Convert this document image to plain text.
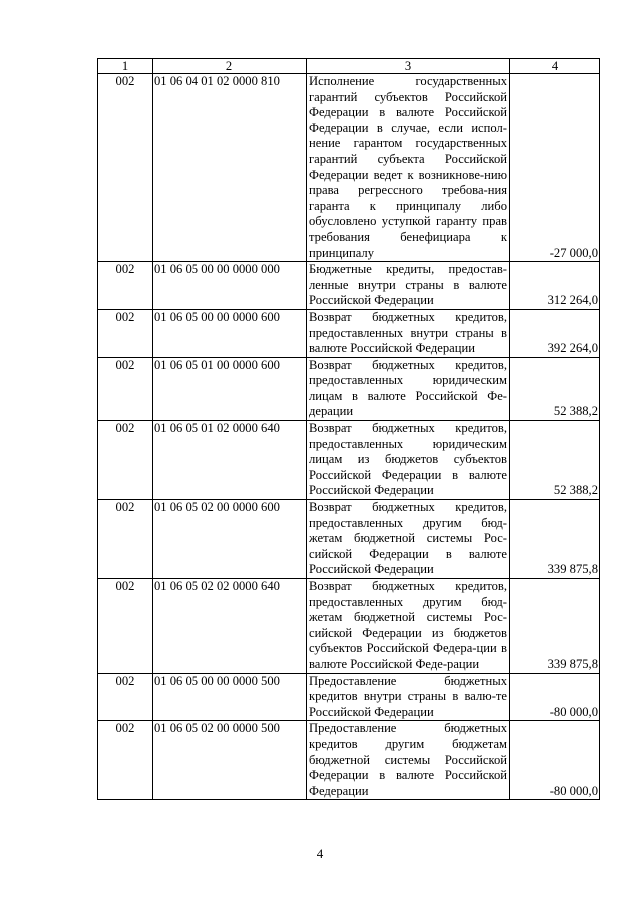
1	2	3	4
002	01 06 04 01 02 0000 810	Исполнение государственных гарантий субъектов Российской Федерации в валюте Российской Федерации в случае, если испол-нение гарантом государственных гарантий субъекта Российской Федерации ведет к возникнове-нию права регрессного требова-ния гаранта к принципалу либо обусловлено уступкой гаранту прав требования бенефициара к принципалу	-27 000,0
002	01 06 05 00 00 0000 000	Бюджетные кредиты, предостав-ленные внутри страны в валюте Российской Федерации	312 264,0
002	01 06 05 00 00 0000 600	Возврат бюджетных кредитов, предоставленных внутри страны в валюте Российской Федерации	392 264,0
002	01 06 05 01 00 0000 600	Возврат бюджетных кредитов, предоставленных юридическим лицам в валюте Российской Фе-дерации	52 388,2
002	01 06 05 01 02 0000 640	Возврат бюджетных кредитов, предоставленных юридическим лицам из бюджетов субъектов Российской Федерации в валюте Российской Федерации	52 388,2
002	01 06 05 02 00 0000 600	Возврат бюджетных кредитов, предоставленных другим бюд-жетам бюджетной системы Рос-сийской Федерации в валюте Российской Федерации	339 875,8
002	01 06 05 02 02 0000 640	Возврат бюджетных кредитов, предоставленных другим бюд-жетам бюджетной системы Рос-сийской Федерации из бюджетов субъектов Российской Федера-ции в валюте Российской Феде-рации	339 875,8
002	01 06 05 00 00 0000 500	Предоставление бюджетных кредитов внутри страны в валю-те Российской Федерации	-80 000,0
002	01 06 05 02 00 0000 500	Предоставление бюджетных кредитов другим бюджетам бюджетной системы Российской Федерации в валюте Российской Федерации	-80 000,0
4
